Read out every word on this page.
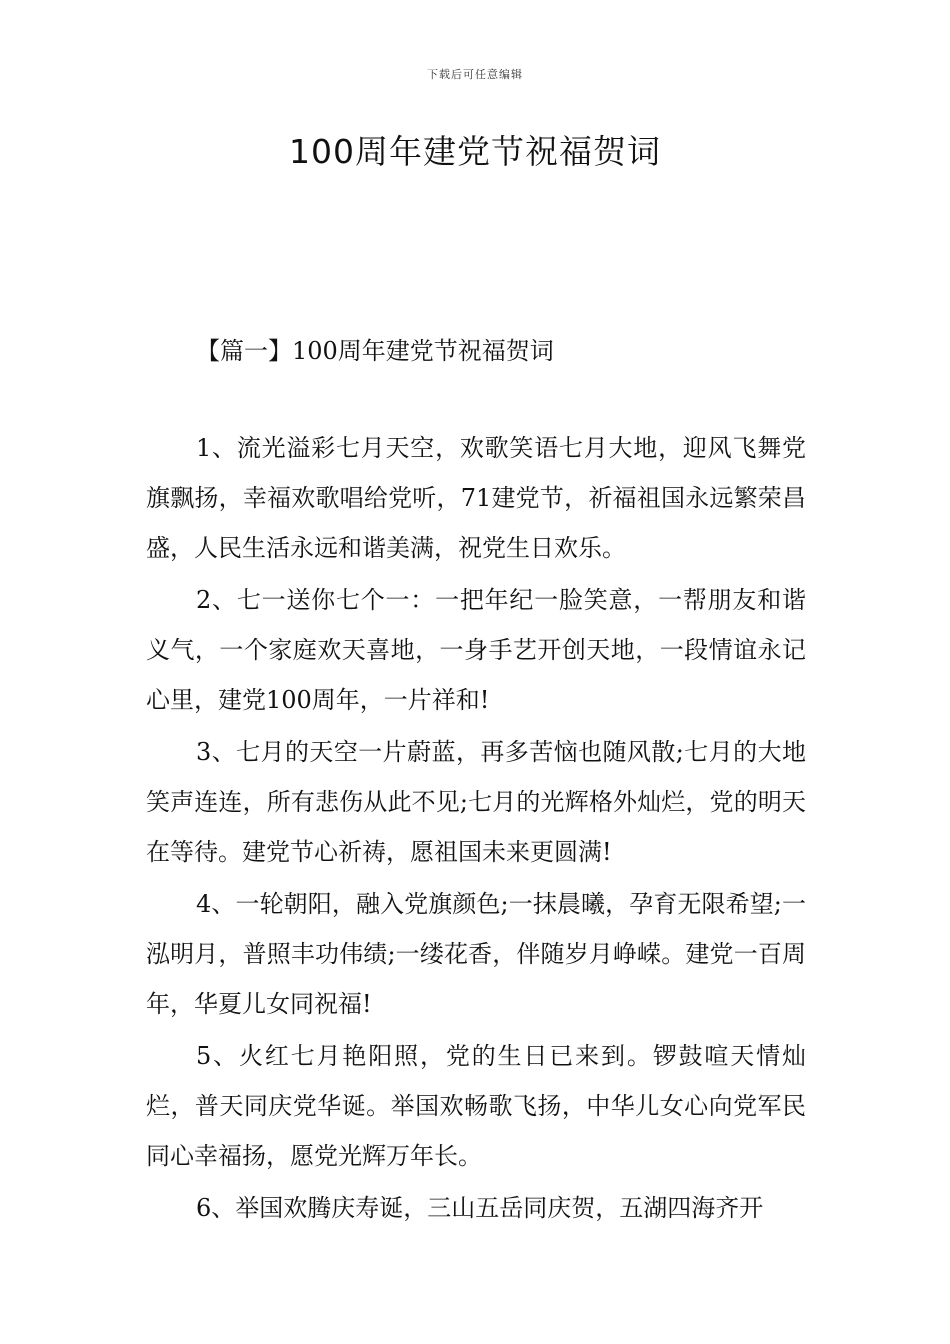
下载后可任意编辑
100周年建党节祝福贺词
【篇一】100周年建党节祝福贺词

1、流光溢彩七月天空，欢歌笑语七月大地，迎风飞舞党旗飘扬，幸福欢歌唱给党听，71建党节，祈福祖国永远繁荣昌盛，人民生活永远和谐美满，祝党生日欢乐。

2、七一送你七个一：一把年纪一脸笑意，一帮朋友和谐义气，一个家庭欢天喜地，一身手艺开创天地，一段情谊永记心里，建党100周年，一片祥和!

3、七月的天空一片蔚蓝，再多苦恼也随风散;七月的大地笑声连连，所有悲伤从此不见;七月的光辉格外灿烂，党的明天在等待。建党节心祈祷，愿祖国未来更圆满!

4、一轮朝阳，融入党旗颜色;一抹晨曦，孕育无限希望;一泓明月，普照丰功伟绩;一缕花香，伴随岁月峥嵘。建党一百周年，华夏儿女同祝福!

5、火红七月艳阳照，党的生日已来到。锣鼓喧天情灿烂，普天同庆党华诞。举国欢畅歌飞扬，中华儿女心向党军民同心幸福扬，愿党光辉万年长。

6、举国欢腾庆寿诞，三山五岳同庆贺，五湖四海齐开
